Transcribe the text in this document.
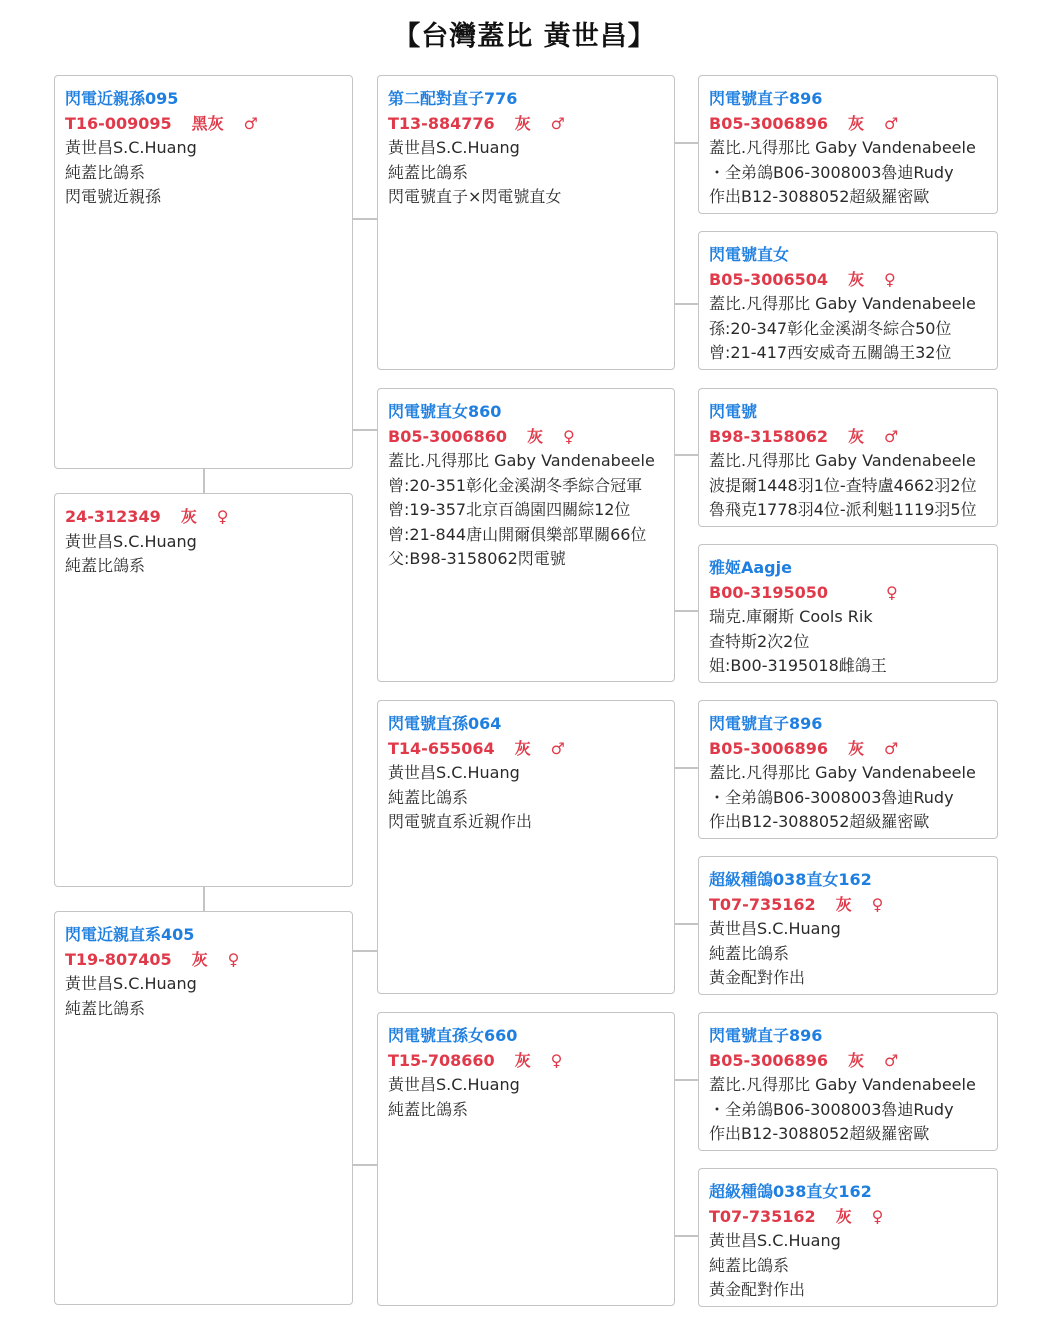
【台灣蓋比 黃世昌】
閃電近親孫095
T16-009095 黑灰 ♂
黃世昌S.C.Huang
純蓋比鴿系
閃電號近親孫
24-312349 灰 ♀
黃世昌S.C.Huang
純蓋比鴿系
閃電近親直系405
T19-807405 灰 ♀
黃世昌S.C.Huang
純蓋比鴿系
第二配對直子776
T13-884776 灰 ♂
黃世昌S.C.Huang
純蓋比鴿系
閃電號直子×閃電號直女
閃電號直女860
B05-3006860 灰 ♀
蓋比.凡得那比 Gaby Vandenabeele
曾:20-351彰化金溪湖冬季綜合冠軍
曾:19-357北京百鴿園四關綜12位
曾:21-844唐山開爾俱樂部單關66位
父:B98-3158062閃電號
閃電號直孫064
T14-655064 灰 ♂
黃世昌S.C.Huang
純蓋比鴿系
閃電號直系近親作出
閃電號直孫女660
T15-708660 灰 ♀
黃世昌S.C.Huang
純蓋比鴿系
閃電號直子896
B05-3006896 灰 ♂
蓋比.凡得那比 Gaby Vandenabeele
・全弟鴿B06-3008003魯迪Rudy
作出B12-3088052超級羅密歐
閃電號直女
B05-3006504 灰 ♀
蓋比.凡得那比 Gaby Vandenabeele
孫:20-347彰化金溪湖冬綜合50位
曾:21-417西安威奇五關鴿王32位
閃電號
B98-3158062 灰 ♂
蓋比.凡得那比 Gaby Vandenabeele
波提爾1448羽1位-查特盧4662羽2位
魯飛克1778羽4位-派利魁1119羽5位
雅姬Aagje
B00-3195050	♀
瑞克.庫爾斯 Cools Rik
查特斯2次2位
姐:B00-3195018雌鴿王
閃電號直子896
B05-3006896 灰 ♂
蓋比.凡得那比 Gaby Vandenabeele
・全弟鴿B06-3008003魯迪Rudy
作出B12-3088052超級羅密歐
超級種鴿038直女162
T07-735162 灰 ♀
黃世昌S.C.Huang
純蓋比鴿系
黃金配對作出
閃電號直子896
B05-3006896 灰 ♂
蓋比.凡得那比 Gaby Vandenabeele
・全弟鴿B06-3008003魯迪Rudy
作出B12-3088052超級羅密歐
超級種鴿038直女162
T07-735162 灰 ♀
黃世昌S.C.Huang
純蓋比鴿系
黃金配對作出
